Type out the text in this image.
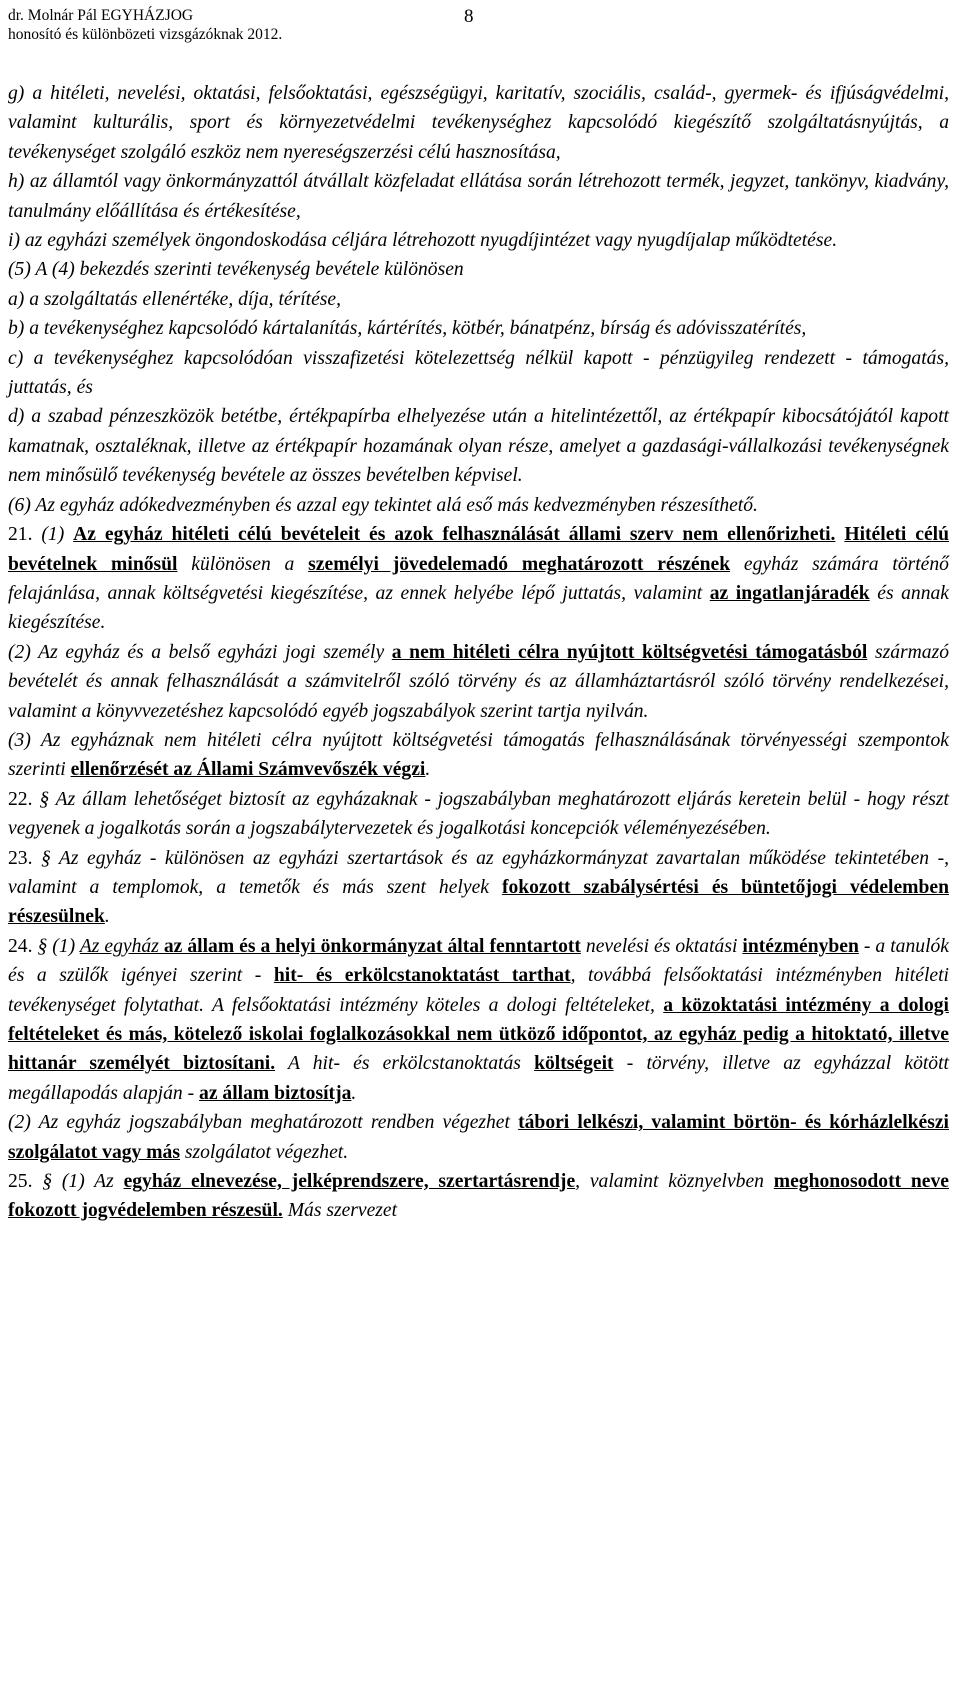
dr. Molnár Pál EGYHÁZJOG
honosító és különbözeti vizsgázóknak 2012.
8

g) a hitéleti, nevelési, oktatási, felsőoktatási, egészségügyi, karitatív, szociális, család-, gyermek- és ifjúságvédelmi, valamint kulturális, sport és környezetvédelmi tevékenységhez kapcsolódó kiegészítő szolgáltatásnyújtás, a tevékenységet szolgáló eszköz nem nyereségszerzési célú hasznosítása,

h) az államtól vagy önkormányzattól átvállalt közfeladat ellátása során létrehozott termék, jegyzet, tankönyv, kiadvány, tanulmány előállítása és értékesítése,

i) az egyházi személyek öngondoskodása céljára létrehozott nyugdíjintézet vagy nyugdíjalap működtetése.

(5) A (4) bekezdés szerinti tevékenység bevétele különösen

a) a szolgáltatás ellenértéke, díja, térítése,

b) a tevékenységhez kapcsolódó kártalanítás, kártérítés, kötbér, bánatpénz, bírság és adóvisszatérítés,

c) a tevékenységhez kapcsolódóan visszafizetési kötelezettség nélkül kapott - pénzügyileg rendezett - támogatás, juttatás, és

d) a szabad pénzeszközök betétbe, értékpapírba elhelyezése után a hitelintézettől, az értékpapír kibocsátójától kapott kamatnak, osztaléknak, illetve az értékpapír hozamának olyan része, amelyet a gazdasági-vállalkozási tevékenységnek nem minősülő tevékenység bevétele az összes bevételben képvisel.

(6) Az egyház adókedvezményben és azzal egy tekintet alá eső más kedvezményben részesíthető.

21. (1) Az egyház hitéleti célú bevételeit és azok felhasználását állami szerv nem ellenőrizheti. Hitéleti célú bevételnek minősül különösen a személyi jövedelemadó meghatározott részének egyház számára történő felajánlása, annak költségvetési kiegészítése, az ennek helyébe lépő juttatás, valamint az ingatlanjáradék és annak kiegészítése.

(2) Az egyház és a belső egyházi jogi személy a nem hitéleti célra nyújtott költségvetési támogatásból származó bevételét és annak felhasználását a számvitelről szóló törvény és az államháztartásról szóló törvény rendelkezései, valamint a könyvvezetéshez kapcsolódó egyéb jogszabályok szerint tartja nyilván.

(3) Az egyháznak nem hitéleti célra nyújtott költségvetési támogatás felhasználásának törvényességi szempontok szerinti ellenőrzését az Állami Számvevőszék végzi.

22. § Az állam lehetőséget biztosít az egyházaknak - jogszabályban meghatározott eljárás keretein belül - hogy részt vegyenek a jogalkotás során a jogszabálytervezetek és jogalkotási koncepciók véleményezésében.

23. § Az egyház - különösen az egyházi szertartások és az egyházkormányzat zavartalan működése tekintetében -, valamint a templomok, a temetők és más szent helyek fokozott szabálysértési és büntetőjogi védelemben részesülnek.

24. § (1) Az egyház az állam és a helyi önkormányzat által fenntartott nevelési és oktatási intézményben - a tanulók és a szülők igényei szerint - hit- és erkölcstanoktatást tarthat, továbbá felsőoktatási intézményben hitéleti tevékenységet folytathat. A felsőoktatási intézmény köteles a dologi feltételeket, a közoktatási intézmény a dologi feltételeket és más, kötelező iskolai foglalkozásokkal nem ütköző időpontot, az egyház pedig a hitoktató, illetve hittanár személyét biztosítani. A hit- és erkölcstanoktatás költségeit - törvény, illetve az egyházzal kötött megállapodás alapján - az állam biztosítja.

(2) Az egyház jogszabályban meghatározott rendben végezhet tábori lelkészi, valamint börtön- és kórházlelkészi szolgálatot vagy más szolgálatot végezhet.

25. § (1) Az egyház elnevezése, jelképrendszere, szertartásrendje, valamint köznyelvben meghonosodott neve fokozott jogvédelemben részesül. Más szervezet
